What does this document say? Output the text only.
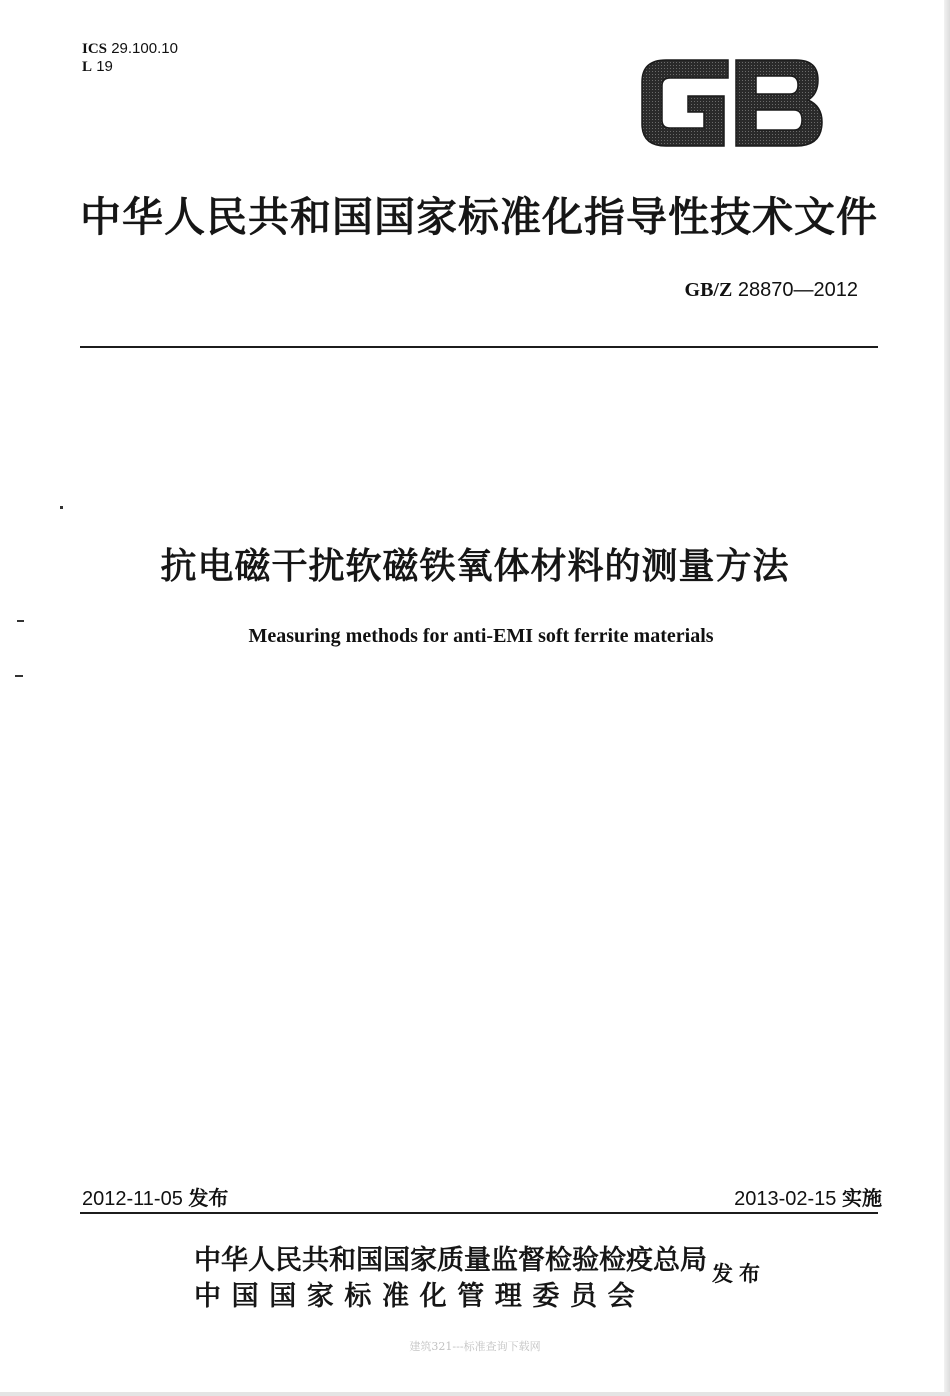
ICS 29.100.10
L 19
中华人民共和国国家标准化指导性技术文件
GB/Z 28870—2012
抗电磁干扰软磁铁氧体材料的测量方法
Measuring methods for anti-EMI soft ferrite materials
2012-11-05 发布	2013-02-15 实施
中华人民共和国国家质量监督检验检疫总局
中国国家标准化管理委员会
发布
建筑321---标准查询下载网
